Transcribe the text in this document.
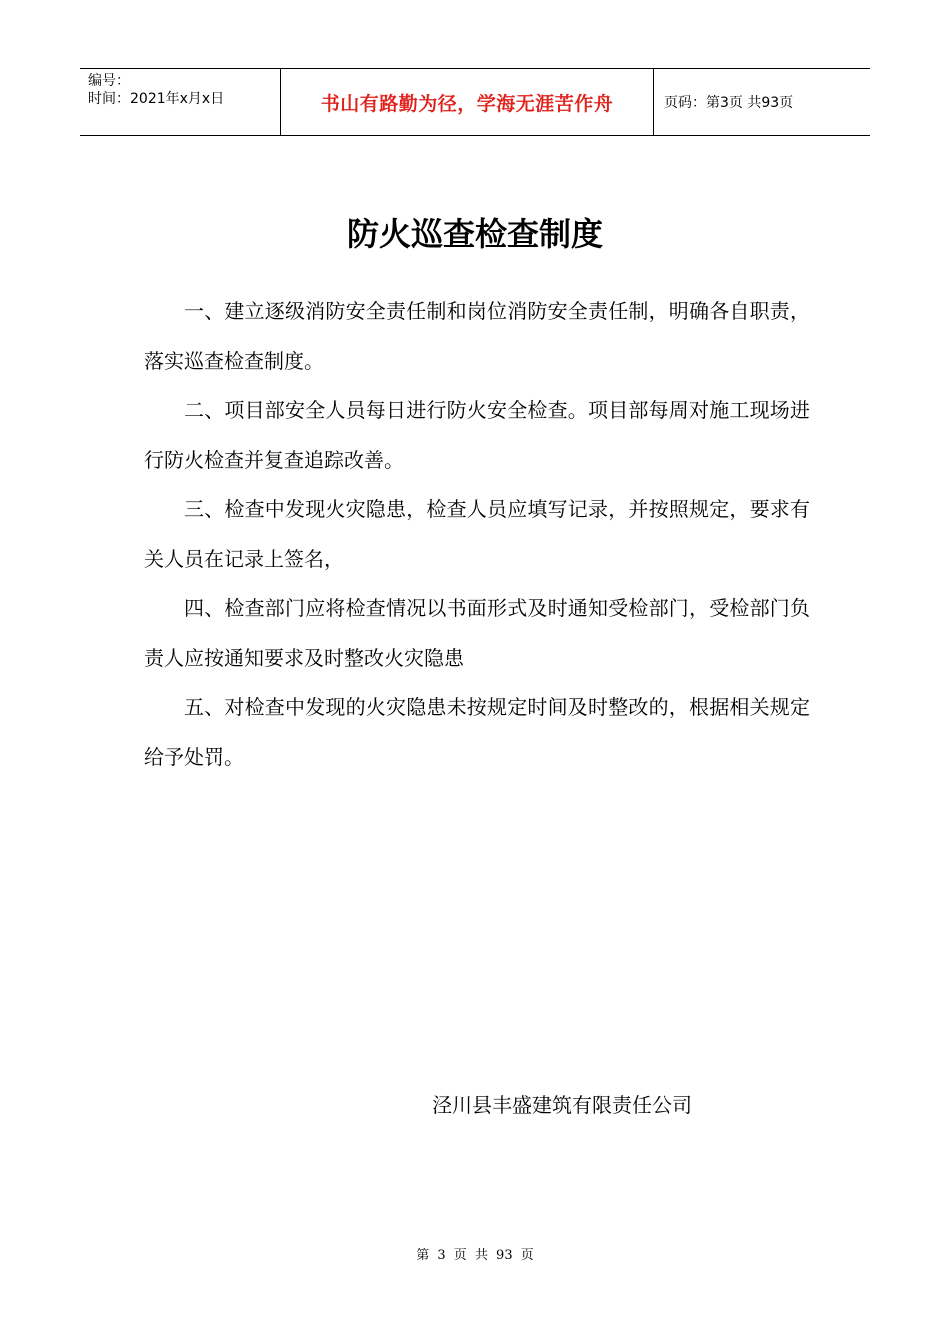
编号：
时间：2021年x月x日	书山有路勤为径，学海无涯苦作舟	页码：第3页 共93页
防火巡查检查制度

一、建立逐级消防安全责任制和岗位消防安全责任制，明确各自职责，落实巡查检查制度。

二、项目部安全人员每日进行防火安全检查。项目部每周对施工现场进行防火检查并复查追踪改善。

三、检查中发现火灾隐患，检查人员应填写记录，并按照规定，要求有关人员在记录上签名，

四、检查部门应将检查情况以书面形式及时通知受检部门，受检部门负责人应按通知要求及时整改火灾隐患

五、对检查中发现的火灾隐患未按规定时间及时整改的，根据相关规定给予处罚。

泾川县丰盛建筑有限责任公司
第 3 页 共 93 页
